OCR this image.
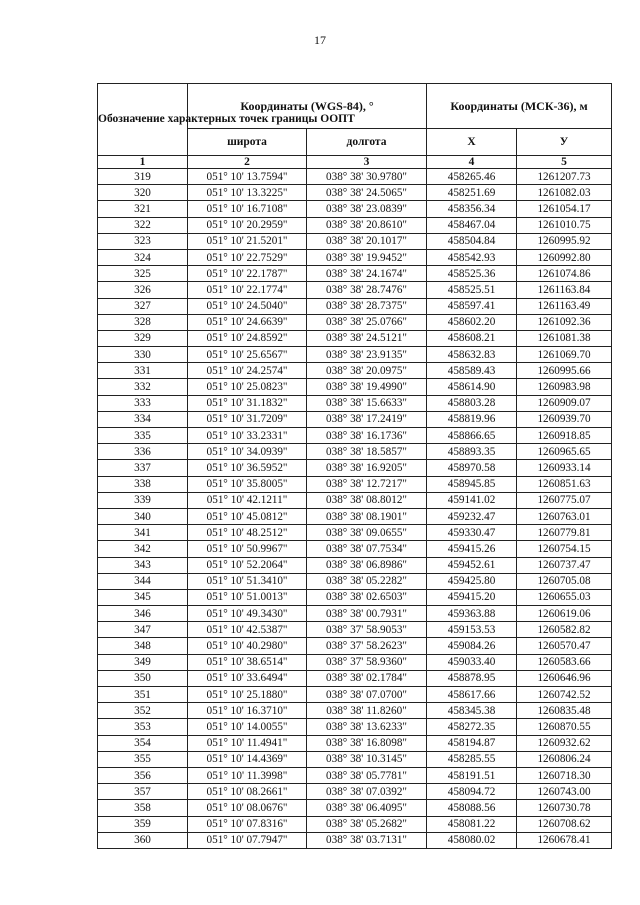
17
Обозначение характерных точек границы ООПТ	Координаты (WGS-84), °		Координаты (МСК-36), м	
	широта	долгота	Х	У
1	2	3	4	5
319	051° 10' 13.7594"	038° 38' 30.9780"	458265.46	1261207.73
320	051° 10' 13.3225"	038° 38' 24.5065"	458251.69	1261082.03
321	051° 10' 16.7108"	038° 38' 23.0839"	458356.34	1261054.17
322	051° 10' 20.2959"	038° 38' 20.8610"	458467.04	1261010.75
323	051° 10' 21.5201"	038° 38' 20.1017"	458504.84	1260995.92
324	051° 10' 22.7529"	038° 38' 19.9452"	458542.93	1260992.80
325	051° 10' 22.1787"	038° 38' 24.1674"	458525.36	1261074.86
326	051° 10' 22.1774"	038° 38' 28.7476"	458525.51	1261163.84
327	051° 10' 24.5040"	038° 38' 28.7375"	458597.41	1261163.49
328	051° 10' 24.6639"	038° 38' 25.0766"	458602.20	1261092.36
329	051° 10' 24.8592"	038° 38' 24.5121"	458608.21	1261081.38
330	051° 10' 25.6567"	038° 38' 23.9135"	458632.83	1261069.70
331	051° 10' 24.2574"	038° 38' 20.0975"	458589.43	1260995.66
332	051° 10' 25.0823"	038° 38' 19.4990"	458614.90	1260983.98
333	051° 10' 31.1832"	038° 38' 15.6633"	458803.28	1260909.07
334	051° 10' 31.7209"	038° 38' 17.2419"	458819.96	1260939.70
335	051° 10' 33.2331"	038° 38' 16.1736"	458866.65	1260918.85
336	051° 10' 34.0939"	038° 38' 18.5857"	458893.35	1260965.65
337	051° 10' 36.5952"	038° 38' 16.9205"	458970.58	1260933.14
338	051° 10' 35.8005"	038° 38' 12.7217"	458945.85	1260851.63
339	051° 10' 42.1211"	038° 38' 08.8012"	459141.02	1260775.07
340	051° 10' 45.0812"	038° 38' 08.1901"	459232.47	1260763.01
341	051° 10' 48.2512"	038° 38' 09.0655"	459330.47	1260779.81
342	051° 10' 50.9967"	038° 38' 07.7534"	459415.26	1260754.15
343	051° 10' 52.2064"	038° 38' 06.8986"	459452.61	1260737.47
344	051° 10' 51.3410"	038° 38' 05.2282"	459425.80	1260705.08
345	051° 10' 51.0013"	038° 38' 02.6503"	459415.20	1260655.03
346	051° 10' 49.3430"	038° 38' 00.7931"	459363.88	1260619.06
347	051° 10' 42.5387"	038° 37' 58.9053"	459153.53	1260582.82
348	051° 10' 40.2980"	038° 37' 58.2623"	459084.26	1260570.47
349	051° 10' 38.6514"	038° 37' 58.9360"	459033.40	1260583.66
350	051° 10' 33.6494"	038° 38' 02.1784"	458878.95	1260646.96
351	051° 10' 25.1880"	038° 38' 07.0700"	458617.66	1260742.52
352	051° 10' 16.3710"	038° 38' 11.8260"	458345.38	1260835.48
353	051° 10' 14.0055"	038° 38' 13.6233"	458272.35	1260870.55
354	051° 10' 11.4941"	038° 38' 16.8098"	458194.87	1260932.62
355	051° 10' 14.4369"	038° 38' 10.3145"	458285.55	1260806.24
356	051° 10' 11.3998"	038° 38' 05.7781"	458191.51	1260718.30
357	051° 10' 08.2661"	038° 38' 07.0392"	458094.72	1260743.00
358	051° 10' 08.0676"	038° 38' 06.4095"	458088.56	1260730.78
359	051° 10' 07.8316"	038° 38' 05.2682"	458081.22	1260708.62
360	051° 10' 07.7947"	038° 38' 03.7131"	458080.02	1260678.41
